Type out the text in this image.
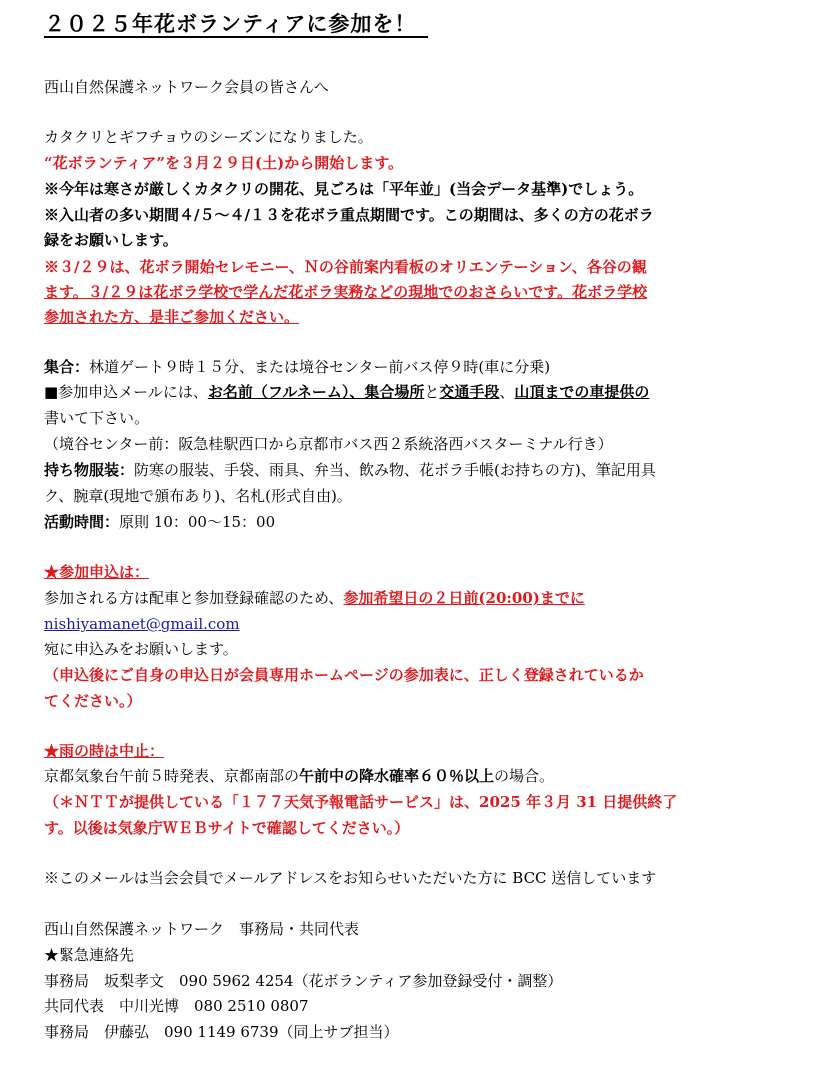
２０２５年花ボランティアに参加を！
西山自然保護ネットワーク会員の皆さんへ
カタクリとギフチョウのシーズンになりました。
“花ボランティア”を３月２９日(土)から開始します。
※今年は寒さが厳しくカタクリの開花、見ごろは「平年並」(当会データ基準)でしょう。
※入山者の多い期間４/５～４/１３を花ボラ重点期間です。この期間は、多くの方の花ボラ
録をお願いします。
※３/２９は、花ボラ開始セレモニー、Ｎの谷前案内看板のオリエンテーション、各谷の観
ます。３/２９は花ボラ学校で学んだ花ボラ実務などの現地でのおさらいです。花ボラ学校
参加された方、是非ご参加ください。
集合：林道ゲート９時１５分、または境谷センター前バス停９時(車に分乗)
■参加申込メールには、お名前（フルネーム）、集合場所と交通手段、山頂までの車提供の
書いて下さい。
（境谷センター前：阪急桂駅西口から京都市バス西２系統洛西バスターミナル行き）
持ち物服装：防寒の服装、手袋、雨具、弁当、飲み物、花ボラ手帳(お持ちの方)、筆記用具
ク、腕章(現地で頒布あり)、名札(形式自由)。
活動時間：原則 10：00～15：00
★参加申込は：
参加される方は配車と参加登録確認のため、参加希望日の２日前(20:00)までに
nishiyamanet@gmail.com
宛に申込みをお願いします。
（申込後にご自身の申込日が会員専用ホームページの参加表に、正しく登録されているか
てください。）
★雨の時は中止：
京都気象台午前５時発表、京都南部の午前中の降水確率６０％以上の場合。
（＊ＮＴＴが提供している「１７７天気予報電話サービス」は、2025 年３月 31 日提供終了
す。以後は気象庁ＷＥＢサイトで確認してください。）
※このメールは当会会員でメールアドレスをお知らせいただいた方に BCC 送信しています
西山自然保護ネットワーク　事務局・共同代表
★緊急連絡先
事務局　坂梨孝文　090 5962 4254（花ボランティア参加登録受付・調整）
共同代表　中川光博　080 2510 0807
事務局　伊藤弘　090 1149 6739（同上サブ担当）
